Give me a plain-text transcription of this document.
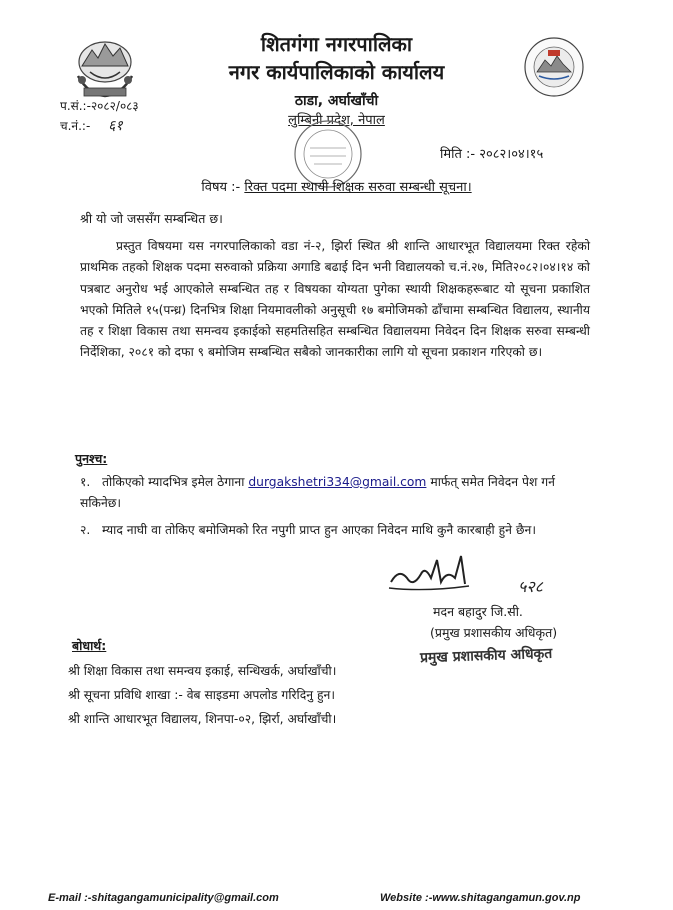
शितगंगा नगरपालिका
नगर कार्यपालिकाको कार्यालय
ठाडा, अर्घाखाँची
लुम्बिनी प्रदेश, नेपाल
प.सं.:-२०८२/०८३
च.नं.:- ६१
मिति :- २०८२।०४।१५
विषय :- रिक्त पदमा स्थायी शिक्षक सरुवा सम्बन्धी सूचना।
श्री यो जो जससँग सम्बन्धित छ।
प्रस्तुत विषयमा यस नगरपालिकाको वडा नं-२, झिर्रा स्थित श्री शान्ति आधारभूत विद्यालयमा रिक्त रहेको प्राथमिक तहको शिक्षक पदमा सरुवाको प्रक्रिया अगाडि बढाई दिन भनी विद्यालयको च.नं.२७, मिति२०८२।०४।१४ को पत्रबाट अनुरोध भई आएकोले सम्बन्धित तह र विषयका योग्यता पुगेका स्थायी शिक्षकहरूबाट यो सूचना प्रकाशित भएको मितिले १५(पन्ध्र) दिनभित्र शिक्षा नियमावलीको अनुसूची १७ बमोजिमको ढाँचामा सम्बन्धित विद्यालय, स्थानीय तह र शिक्षा विकास तथा समन्वय इकाईको सहमतिसहित सम्बन्धित विद्यालयमा निवेदन दिन शिक्षक सरुवा सम्बन्धी निर्देशिका, २०८१ को दफा ९ बमोजिम सम्बन्धित सबैको जानकारीका लागि यो सूचना प्रकाशन गरिएको छ।
पुनश्च:
१. तोकिएको म्यादभित्र इमेल ठेगाना durgakshetri334@gmail.com मार्फत् समेत निवेदन पेश गर्न सकिनेछ।
२. म्याद नाघी वा तोकिए बमोजिमको रित नपुगी प्राप्त हुन आएका निवेदन माथि कुनै कारबाही हुने छैन।
५२८
मदन बहादुर जि.सी.
(प्रमुख प्रशासकीय अधिकृत)
प्रमुख प्रशासकीय अधिकृत
बोधार्थ:
श्री शिक्षा विकास तथा समन्वय इकाई, सन्धिखर्क, अर्घाखाँची।
श्री सूचना प्रविधि शाखा :- वेब साइडमा अपलोड गरिदिनु हुन।
श्री शान्ति आधारभूत विद्यालय, शिनपा-०२, झिर्रा, अर्घाखाँची।
E-mail :-shitagangamunicipality@gmail.com	Website :-www.shitagangamun.gov.np
